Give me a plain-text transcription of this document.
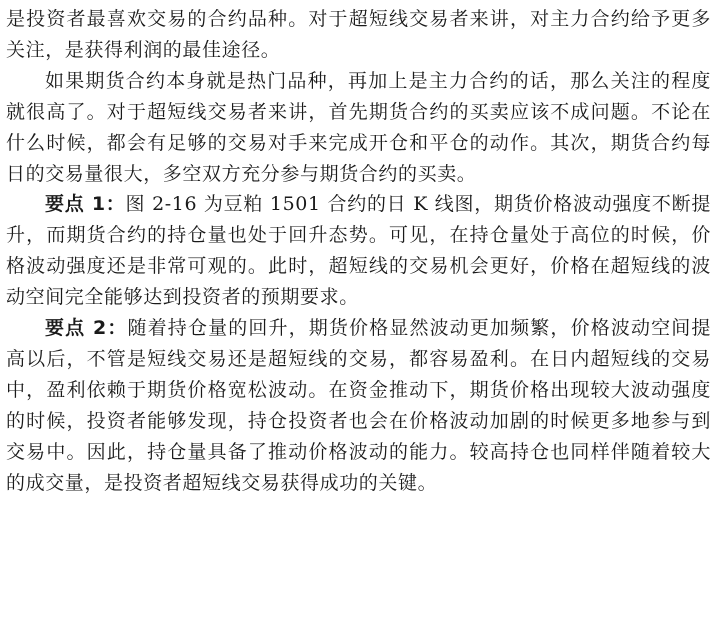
是投资者最喜欢交易的合约品种。对于超短线交易者来讲，对主力合约给予更多关注，是获得利润的最佳途径。

如果期货合约本身就是热门品种，再加上是主力合约的话，那么关注的程度就很高了。对于超短线交易者来讲，首先期货合约的买卖应该不成问题。不论在什么时候，都会有足够的交易对手来完成开仓和平仓的动作。其次，期货合约每日的交易量很大，多空双方充分参与期货合约的买卖。

要点 1：图 2-16 为豆粕 1501 合约的日 K 线图，期货价格波动强度不断提升，而期货合约的持仓量也处于回升态势。可见，在持仓量处于高位的时候，价格波动强度还是非常可观的。此时，超短线的交易机会更好，价格在超短线的波动空间完全能够达到投资者的预期要求。

要点 2：随着持仓量的回升，期货价格显然波动更加频繁，价格波动空间提高以后，不管是短线交易还是超短线的交易，都容易盈利。在日内超短线的交易中，盈利依赖于期货价格宽松波动。在资金推动下，期货价格出现较大波动强度的时候，投资者能够发现，持仓投资者也会在价格波动加剧的时候更多地参与到交易中。因此，持仓量具备了推动价格波动的能力。较高持仓也同样伴随着较大的成交量，是投资者超短线交易获得成功的关键。
